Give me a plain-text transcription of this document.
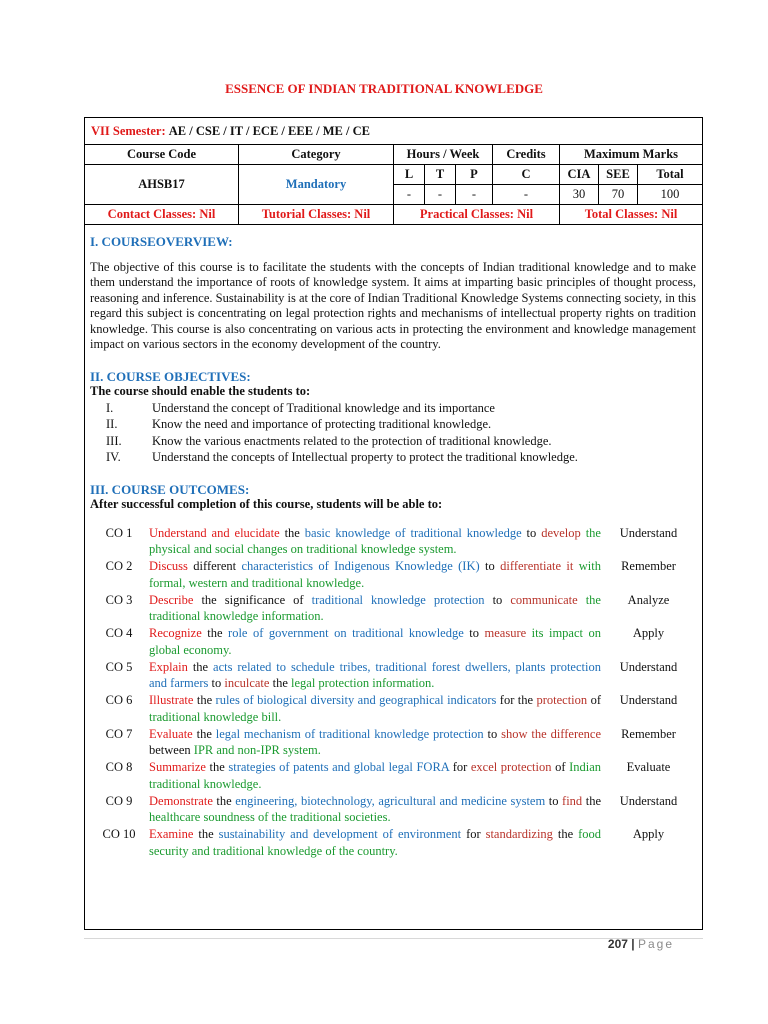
ESSENCE OF INDIAN TRADITIONAL KNOWLEDGE
VII Semester: AE / CSE / IT / ECE / EEE / ME / CE								
Course Code	Category	Hours / Week			Credits	Maximum Marks		
AHSB17	Mandatory	L	T	P	C	CIA	SEE	Total
		-	-	-	-	30	70	100
Contact Classes: Nil	Tutorial Classes: Nil	Practical Classes: Nil				Total Classes: Nil		

I. COURSEOVERVIEW:

The objective of this course is to facilitate the students with the concepts of Indian traditional knowledge and to make them understand the importance of roots of knowledge system. It aims at imparting basic principles of thought process, reasoning and inference. Sustainability is at the core of Indian Traditional Knowledge Systems connecting society, in this regard this subject is concentrating on legal protection rights and mechanisms of intellectual property rights on tradition knowledge. This course is also concentrating on various acts in protecting the environment and knowledge management impact on various sectors in the economy development of the country.

II. COURSE OBJECTIVES:

The course should enable the students to:

I.	Understand the concept of Traditional knowledge and its importance
II.	Know the need and importance of protecting traditional knowledge.
III.	Know the various enactments related to the protection of traditional knowledge.
IV.	Understand the concepts of Intellectual property to protect the traditional knowledge.

III. COURSE OUTCOMES:

After successful completion of this course, students will be able to:

CO 1	Understand and elucidate the basic knowledge of traditional knowledge to develop the physical and social changes on traditional knowledge system.	Understand
CO 2	Discuss different characteristics of Indigenous Knowledge (IK) to differentiate it with formal, western and traditional knowledge.	Remember
CO 3	Describe the significance of traditional knowledge protection to communicate the traditional knowledge information.	Analyze
CO 4	Recognize the role of government on traditional knowledge to measure its impact on global economy.	Apply
CO 5	Explain the acts related to schedule tribes, traditional forest dwellers, plants protection and farmers to inculcate the legal protection information.	Understand
CO 6	Illustrate the rules of biological diversity and geographical indicators for the protection of traditional knowledge bill.	Understand
CO 7	Evaluate the legal mechanism of traditional knowledge protection to show the difference between IPR and non-IPR system.	Remember
CO 8	Summarize the strategies of patents and global legal FORA for excel protection of Indian traditional knowledge.	Evaluate
CO 9	Demonstrate the engineering, biotechnology, agricultural and medicine system to find the healthcare soundness of the traditional societies.	Understand
CO 10	Examine the sustainability and development of environment for standardizing the food security and traditional knowledge of the country.	Apply
207 | Page
